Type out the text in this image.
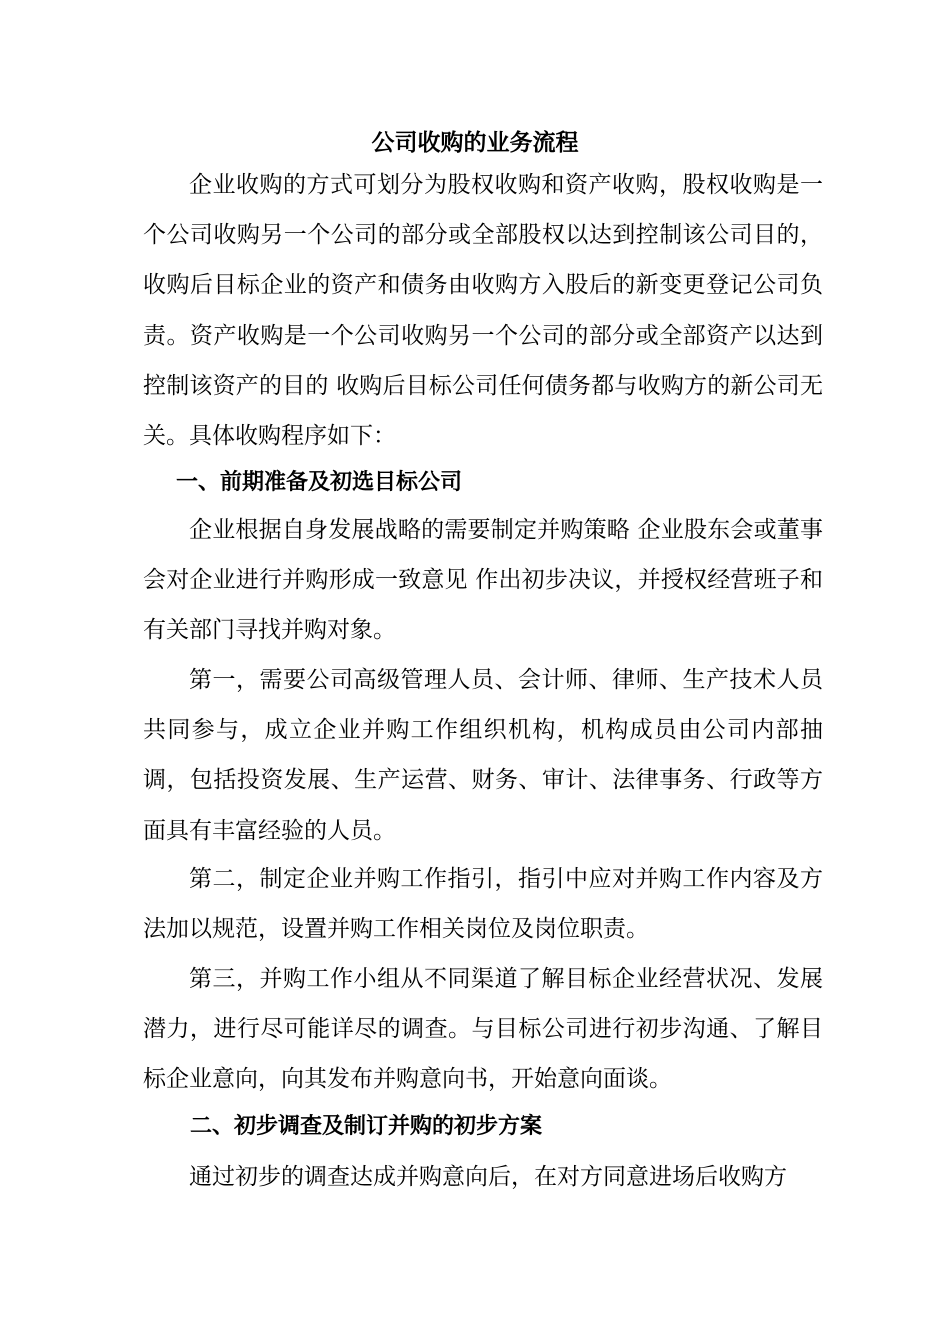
公司收购的业务流程

企业收购的方式可划分为股权收购和资产收购，股权收购是一个公司收购另一个公司的部分或全部股权以达到控制该公司目的，收购后目标企业的资产和债务由收购方入股后的新变更登记公司负责。资产收购是一个公司收购另一个公司的部分或全部资产以达到控制该资产的目的 收购后目标公司任何债务都与收购方的新公司无关。具体收购程序如下：

一、前期准备及初选目标公司

企业根据自身发展战略的需要制定并购策略 企业股东会或董事会对企业进行并购形成一致意见 作出初步决议，并授权经营班子和有关部门寻找并购对象。

第一，需要公司高级管理人员、会计师、律师、生产技术人员共同参与，成立企业并购工作组织机构，机构成员由公司内部抽调，包括投资发展、生产运营、财务、审计、法律事务、行政等方面具有丰富经验的人员。

第二，制定企业并购工作指引，指引中应对并购工作内容及方法加以规范，设置并购工作相关岗位及岗位职责。

第三，并购工作小组从不同渠道了解目标企业经营状况、发展潜力，进行尽可能详尽的调查。与目标公司进行初步沟通、了解目标企业意向，向其发布并购意向书，开始意向面谈。

二、初步调查及制订并购的初步方案

通过初步的调查达成并购意向后，在对方同意进场后收购方
